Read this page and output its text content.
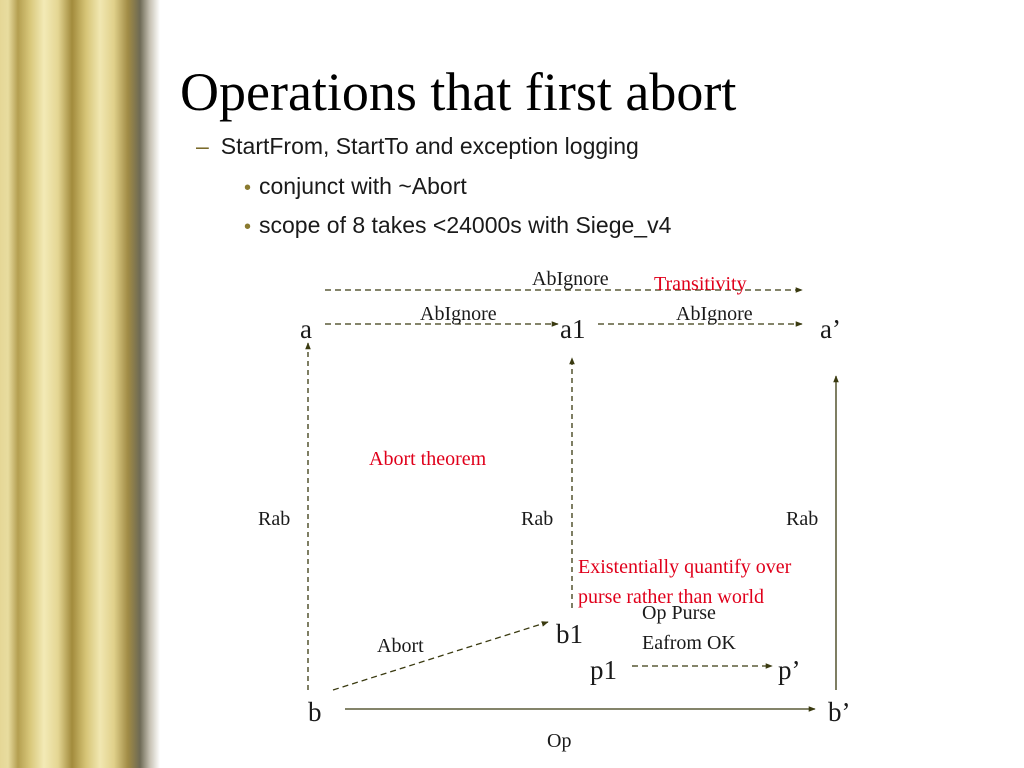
Operations that first abort
– StartFrom, StartTo and exception logging
• conjunct with ~Abort
• scope of 8 takes <24000s with Siege_v4
a	a1	a’
b
b1
b’
p1	p’
AbIgnore
AbIgnore	AbIgnore
Rab	Rab	Rab
Abort
Op
Op Purse
Eafrom OK
Transitivity
Abort theorem
Existentially quantify over
purse rather than world
